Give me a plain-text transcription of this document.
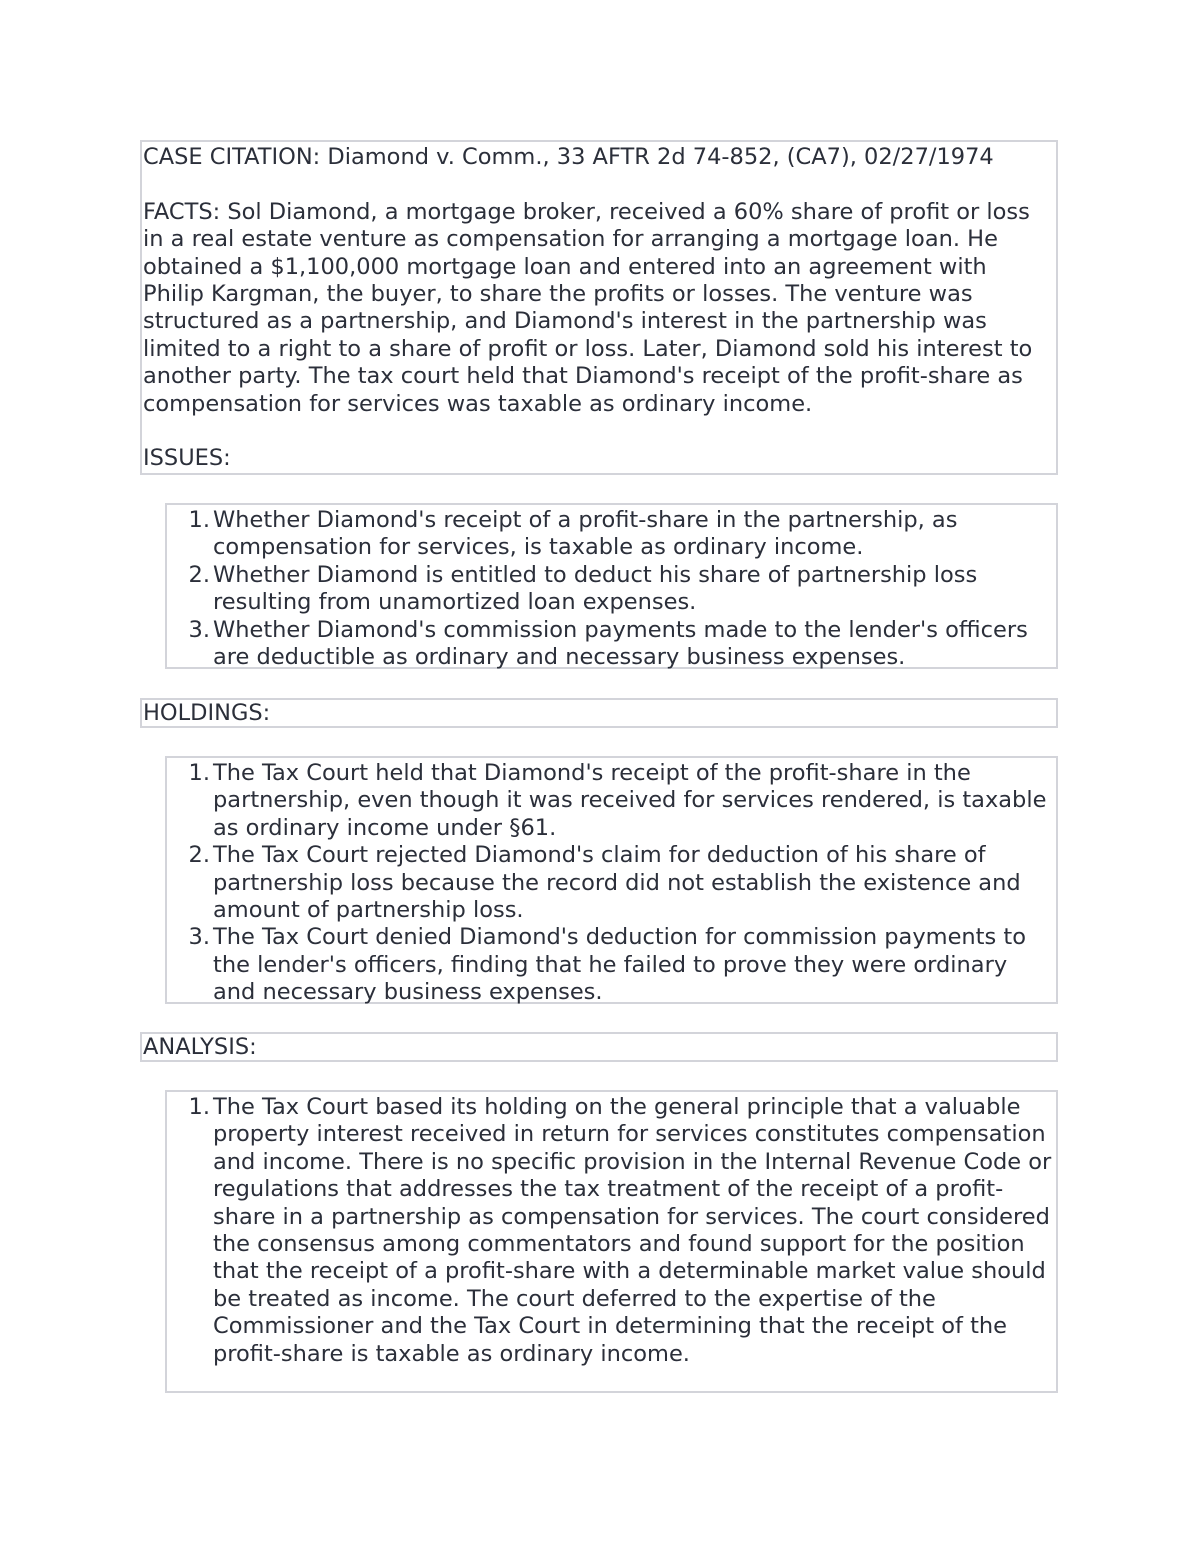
CASE CITATION: Diamond v. Comm., 33 AFTR 2d 74-852, (CA7), 02/27/1974

FACTS: Sol Diamond, a mortgage broker, received a 60% share of profit or loss in a real estate venture as compensation for arranging a mortgage loan. He obtained a $1,100,000 mortgage loan and entered into an agreement with Philip Kargman, the buyer, to share the profits or losses. The venture was structured as a partnership, and Diamond's interest in the partnership was limited to a right to a share of profit or loss. Later, Diamond sold his interest to another party. The tax court held that Diamond's receipt of the profit-share as compensation for services was taxable as ordinary income.

ISSUES:

1. Whether Diamond's receipt of a profit-share in the partnership, as compensation for services, is taxable as ordinary income.
2. Whether Diamond is entitled to deduct his share of partnership loss resulting from unamortized loan expenses.
3. Whether Diamond's commission payments made to the lender's officers are deductible as ordinary and necessary business expenses.

HOLDINGS:

1. The Tax Court held that Diamond's receipt of the profit-share in the partnership, even though it was received for services rendered, is taxable as ordinary income under §61.
2. The Tax Court rejected Diamond's claim for deduction of his share of partnership loss because the record did not establish the existence and amount of partnership loss.
3. The Tax Court denied Diamond's deduction for commission payments to the lender's officers, finding that he failed to prove they were ordinary and necessary business expenses.

ANALYSIS:

1. The Tax Court based its holding on the general principle that a valuable property interest received in return for services constitutes compensation and income. There is no specific provision in the Internal Revenue Code or regulations that addresses the tax treatment of the receipt of a profit-share in a partnership as compensation for services. The court considered the consensus among commentators and found support for the position that the receipt of a profit-share with a determinable market value should be treated as income. The court deferred to the expertise of the Commissioner and the Tax Court in determining that the receipt of the profit-share is taxable as ordinary income.
